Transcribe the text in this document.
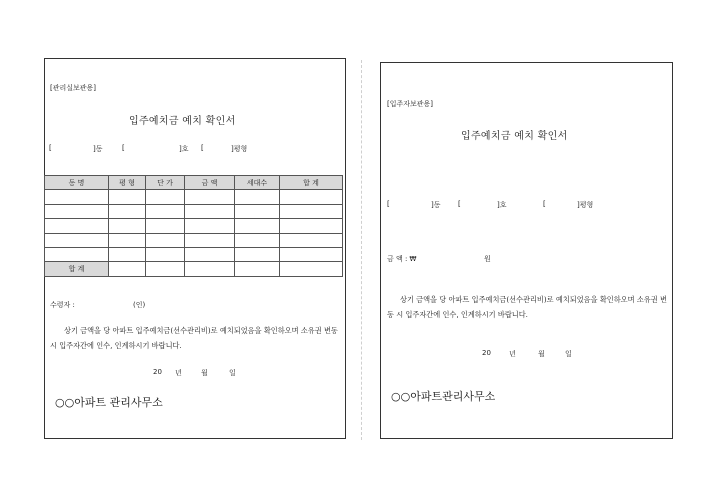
[관리실보관용]
입주예치금 예치 확인서
[	]동	[	]호 [	]평형
동 명	평 형	단 가	금 액	세대수	합 계

합 계					
수령자 :	(인)
상기 금액을 당 아파트 입주예치금(선수관리비)로 예치되었음을 확인하오며 소유권 변동 시 입주자간에 인수, 인계하시기 바랍니다.
20 년	월	일
○○아파트 관리사무소
[입주자보관용]
입주예치금 예치 확인서
[	]동	[	]호	[	]평형
금 액 : ₩	원
상기 금액을 당 아파트 입주예치금(선수관리비)로 예치되었음을 확인하오며 소유권 변동 시 입주자간에 인수, 인계하시기 바랍니다.
20	년	월	일
○○아파트관리사무소
